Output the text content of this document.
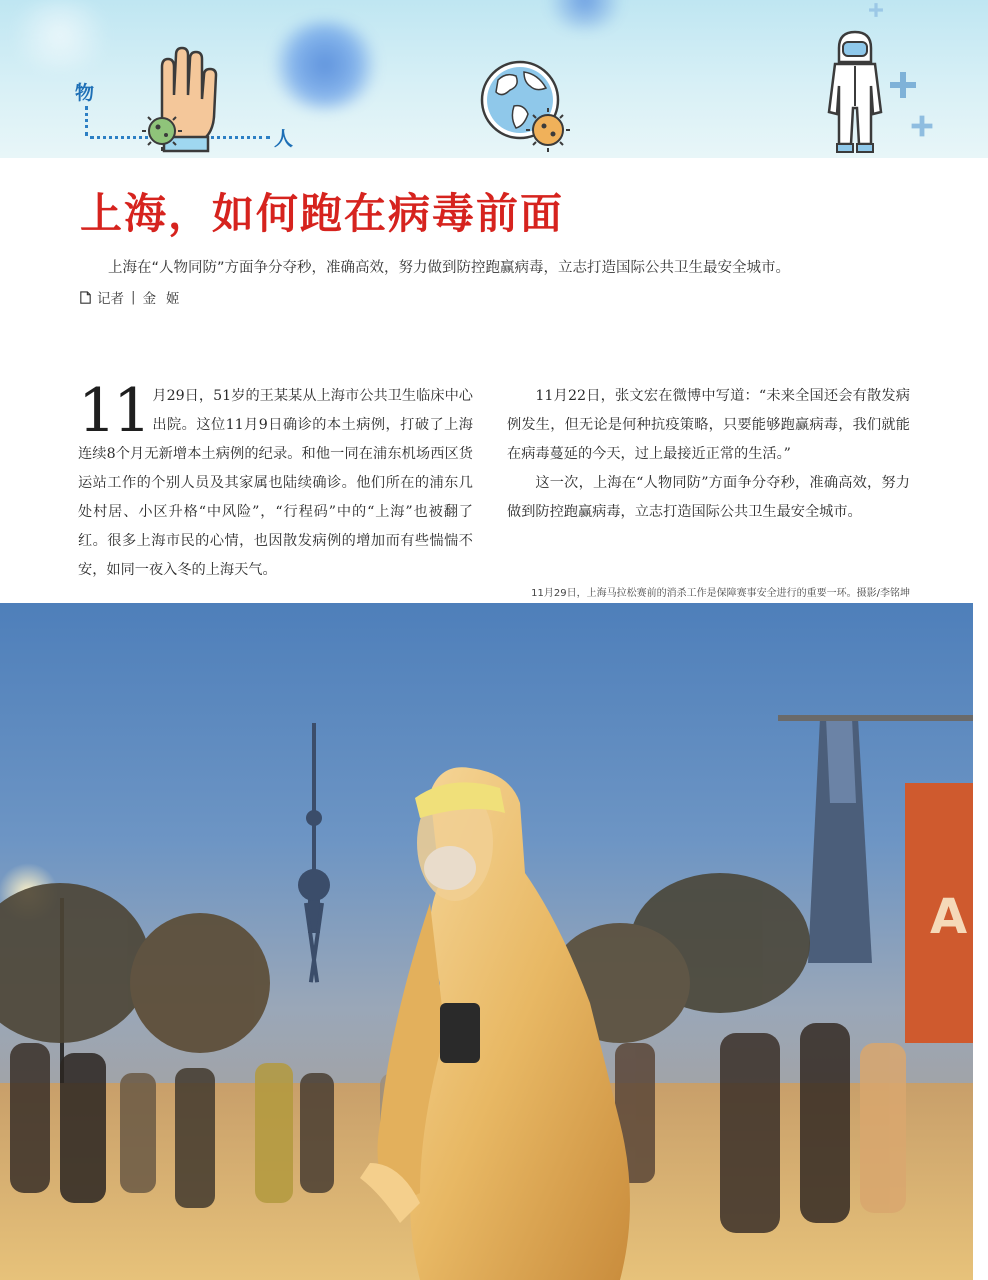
物
人
上海，如何跑在病毒前面

上海在“人物同防”方面争分夺秒，准确高效，努力做到防控跑赢病毒，立志打造国际公共卫生最安全城市。

记者 | 金姬
11 月29日，51岁的王某某从上海市公共卫生临床中心出院。这位11月9日确诊的本土病例，打破了上海连续8个月无新增本土病例的纪录。和他一同在浦东机场西区货运站工作的个别人员及其家属也陆续确诊。他们所在的浦东几处村居、小区升格“中风险”，“行程码”中的“上海”也被翻了红。很多上海市民的心情，也因散发病例的增加而有些惴惴不安，如同一夜入冬的上海天气。

11月22日，张文宏在微博中写道：“未来全国还会有散发病例发生，但无论是何种抗疫策略，只要能够跑赢病毒，我们就能在病毒蔓延的今天，过上最接近正常的生活。”

这一次，上海在“人物同防”方面争分夺秒，准确高效，努力做到防控跑赢病毒，立志打造国际公共卫生最安全城市。

11月29日，上海马拉松赛前的消杀工作是保障赛事安全进行的重要一环。摄影/李铭坤
A
